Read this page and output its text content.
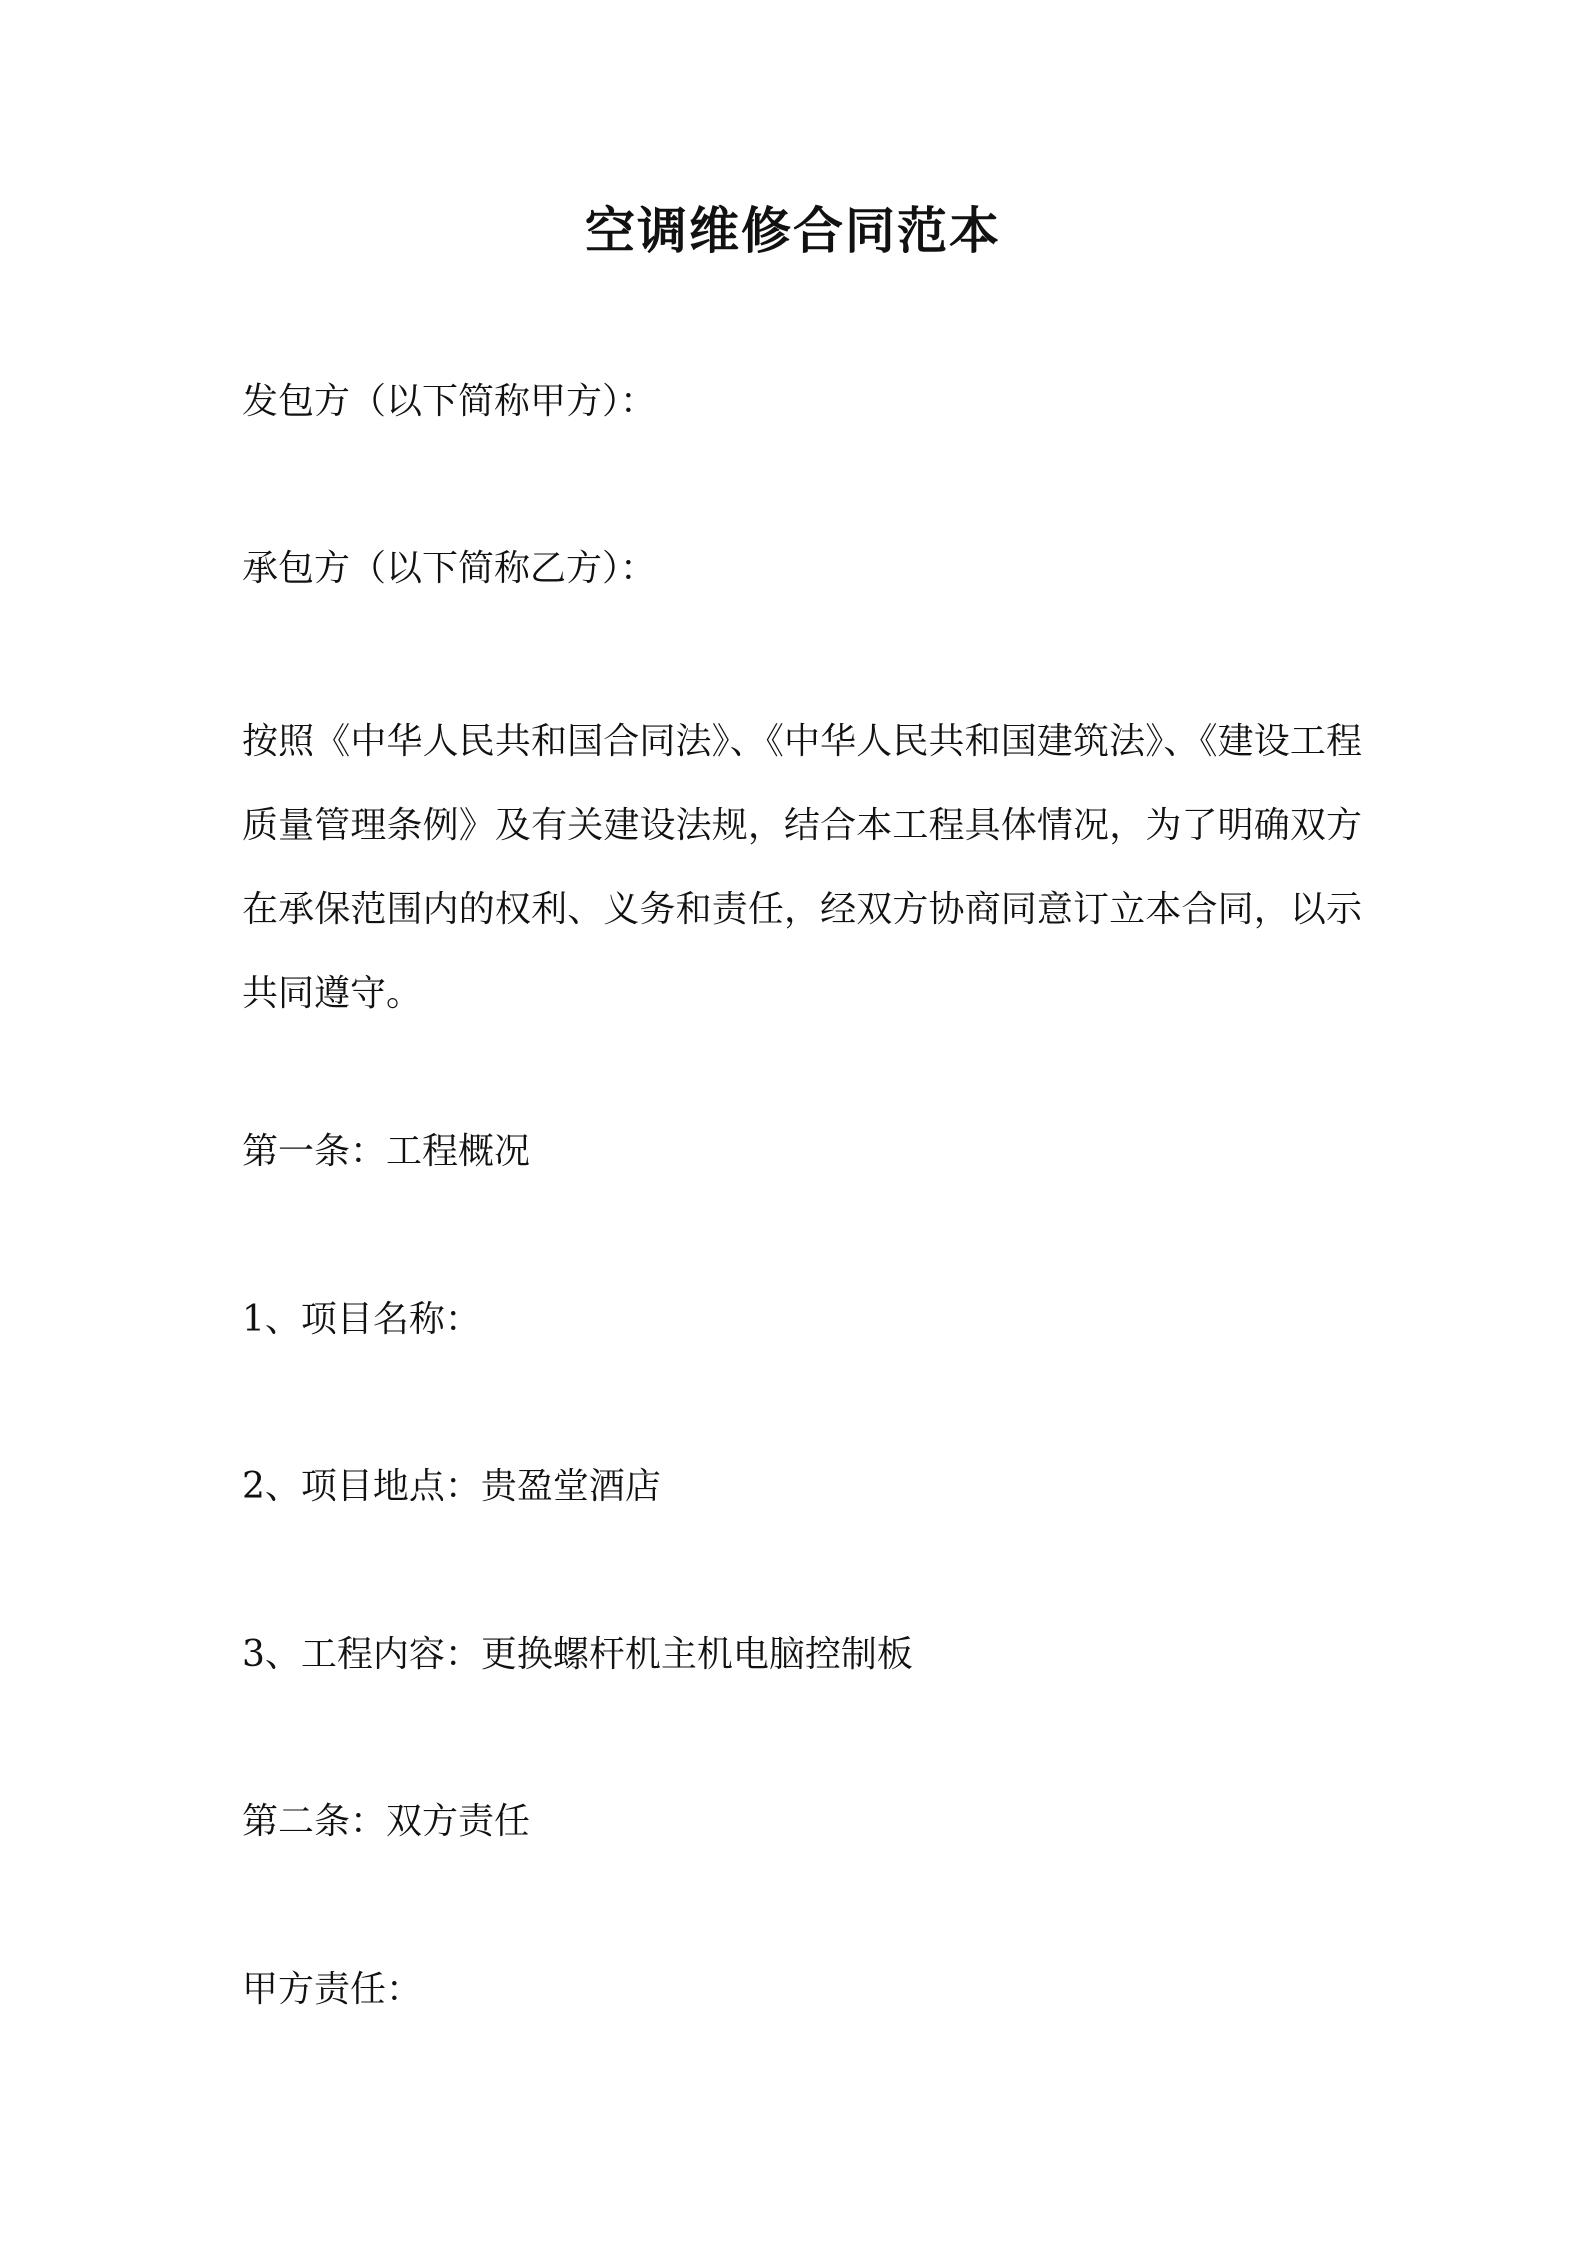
空调维修合同范本
发包方（以下简称甲方）：
承包方（以下简称乙方）：
按照《中华人民共和国合同法》、《中华人民共和国建筑法》、《建设工程质量管理条例》及有关建设法规，结合本工程具体情况，为了明确双方在承保范围内的权利、义务和责任，经双方协商同意订立本合同，以示共同遵守。
第一条：工程概况
1、项目名称：
2、项目地点：贵盈堂酒店
3、工程内容：更换螺杆机主机电脑控制板
第二条：双方责任
甲方责任：
